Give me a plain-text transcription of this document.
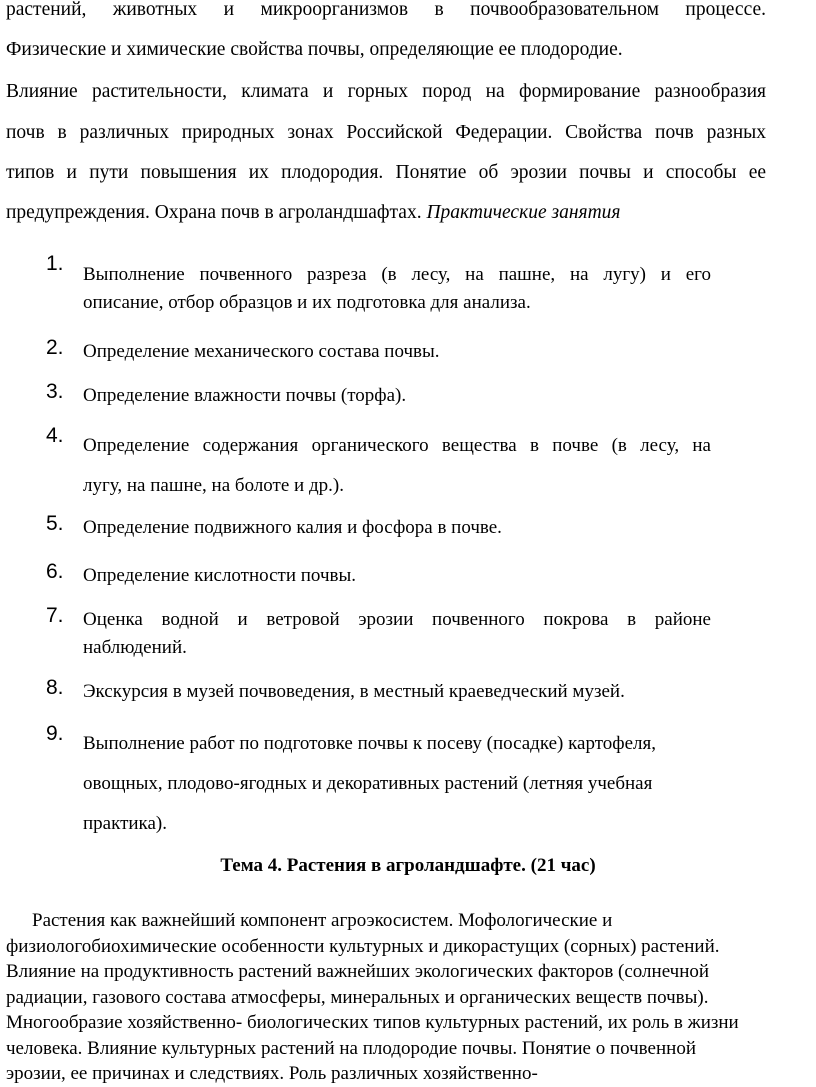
растений, животных и микроорганизмов в почвообразовательном процессе.
Физические и химические свойства почвы, определяющие ее плодородие.
Влияние растительности, климата и горных пород на формирование разнообразия
почв в различных природных зонах Российской Федерации. Свойства почв разных
типов и пути повышения их плодородия. Понятие об эрозии почвы и способы ее
предупреждения. Охрана почв в агроландшафтах. Практические занятия
1. Выполнение почвенного разреза (в лесу, на пашне, на лугу) и его
описание, отбор образцов и их подготовка для анализа.
2. Определение механического состава почвы.
3. Определение влажности почвы (торфа).
4. Определение содержания органического вещества в почве (в лесу, на
лугу, на пашне, на болоте и др.).
5. Определение подвижного калия и фосфора в почве.
6. Определение кислотности почвы.
7. Оценка водной и ветровой эрозии почвенного покрова в районе
наблюдений.
8. Экскурсия в музей почвоведения, в местный краеведческий музей.
9. Выполнение работ по подготовке почвы к посеву (посадке) картофеля,
овощных, плодово-ягодных и декоративных растений (летняя учебная
практика).
Тема 4. Растения в агроландшафте. (21 час)
Растения как важнейший компонент агроэкосистем. Мофологические и
физиологобиохимические особенности культурных и дикорастущих (сорных) растений.
Влияние на продуктивность растений важнейших экологических факторов (солнечной
радиации, газового состава атмосферы, минеральных и органических веществ почвы).
Многообразие хозяйственно- биологических типов культурных растений, их роль в жизни
человека. Влияние культурных растений на плодородие почвы. Понятие о почвенной
эрозии, ее причинах и следствиях. Роль различных хозяйственно-
